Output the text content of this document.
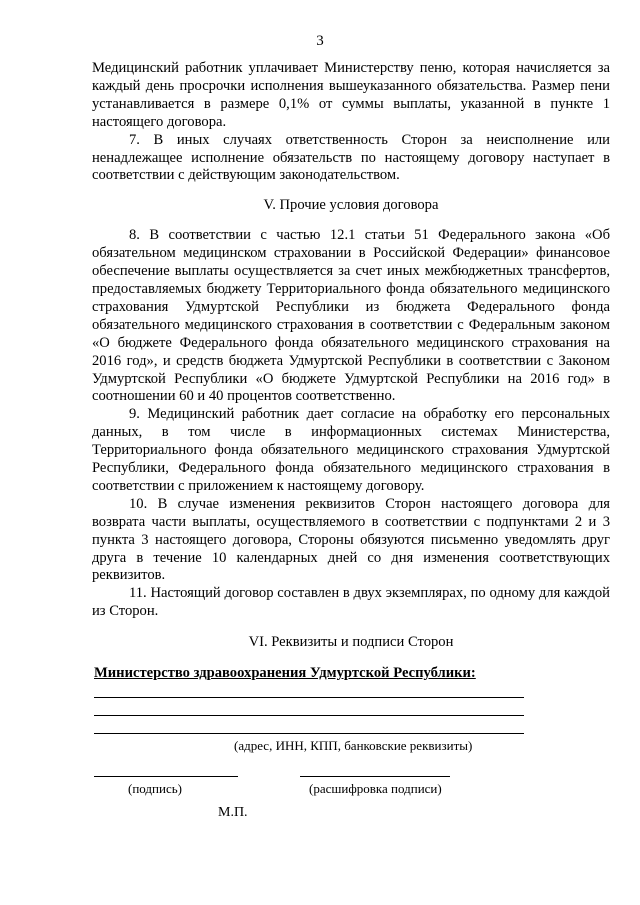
3

Медицинский работник уплачивает Министерству пеню, которая начисляется за каждый день просрочки исполнения вышеуказанного обязательства. Размер пени устанавливается в размере 0,1% от суммы выплаты, указанной в пункте 1 настоящего договора.

7. В иных случаях ответственность Сторон за неисполнение или ненадлежащее исполнение обязательств по настоящему договору наступает в соответствии с действующим законодательством.

V. Прочие условия договора

8. В соответствии с частью 12.1 статьи 51 Федерального закона «Об обязательном медицинском страховании в Российской Федерации» финансовое обеспечение выплаты осуществляется за счет иных межбюджетных трансфертов, предоставляемых бюджету Территориального фонда обязательного медицинского страхования Удмуртской Республики из бюджета Федерального фонда обязательного медицинского страхования в соответствии с Федеральным законом «О бюджете Федерального фонда обязательного медицинского страхования на 2016 год», и средств бюджета Удмуртской Республики в соответствии с Законом Удмуртской Республики «О бюджете Удмуртской Республики на 2016 год» в соотношении 60 и 40 процентов соответственно.

9. Медицинский работник дает согласие на обработку его персональных данных, в том числе в информационных системах Министерства, Территориального фонда обязательного медицинского страхования Удмуртской Республики, Федерального фонда обязательного медицинского страхования в соответствии с приложением к настоящему договору.

10. В случае изменения реквизитов Сторон настоящего договора для возврата части выплаты, осуществляемого в соответствии с подпунктами 2 и 3 пункта 3 настоящего договора, Стороны обязуются письменно уведомлять друг друга в течение 10 календарных дней со дня изменения соответствующих реквизитов.

11. Настоящий договор составлен в двух экземплярах, по одному для каждой из Сторон.

VI. Реквизиты и подписи Сторон

Министерство здравоохранения Удмуртской Республики:

(адрес, ИНН, КПП, банковские реквизиты)
(подпись)	(расшифровка подписи)
М.П.
